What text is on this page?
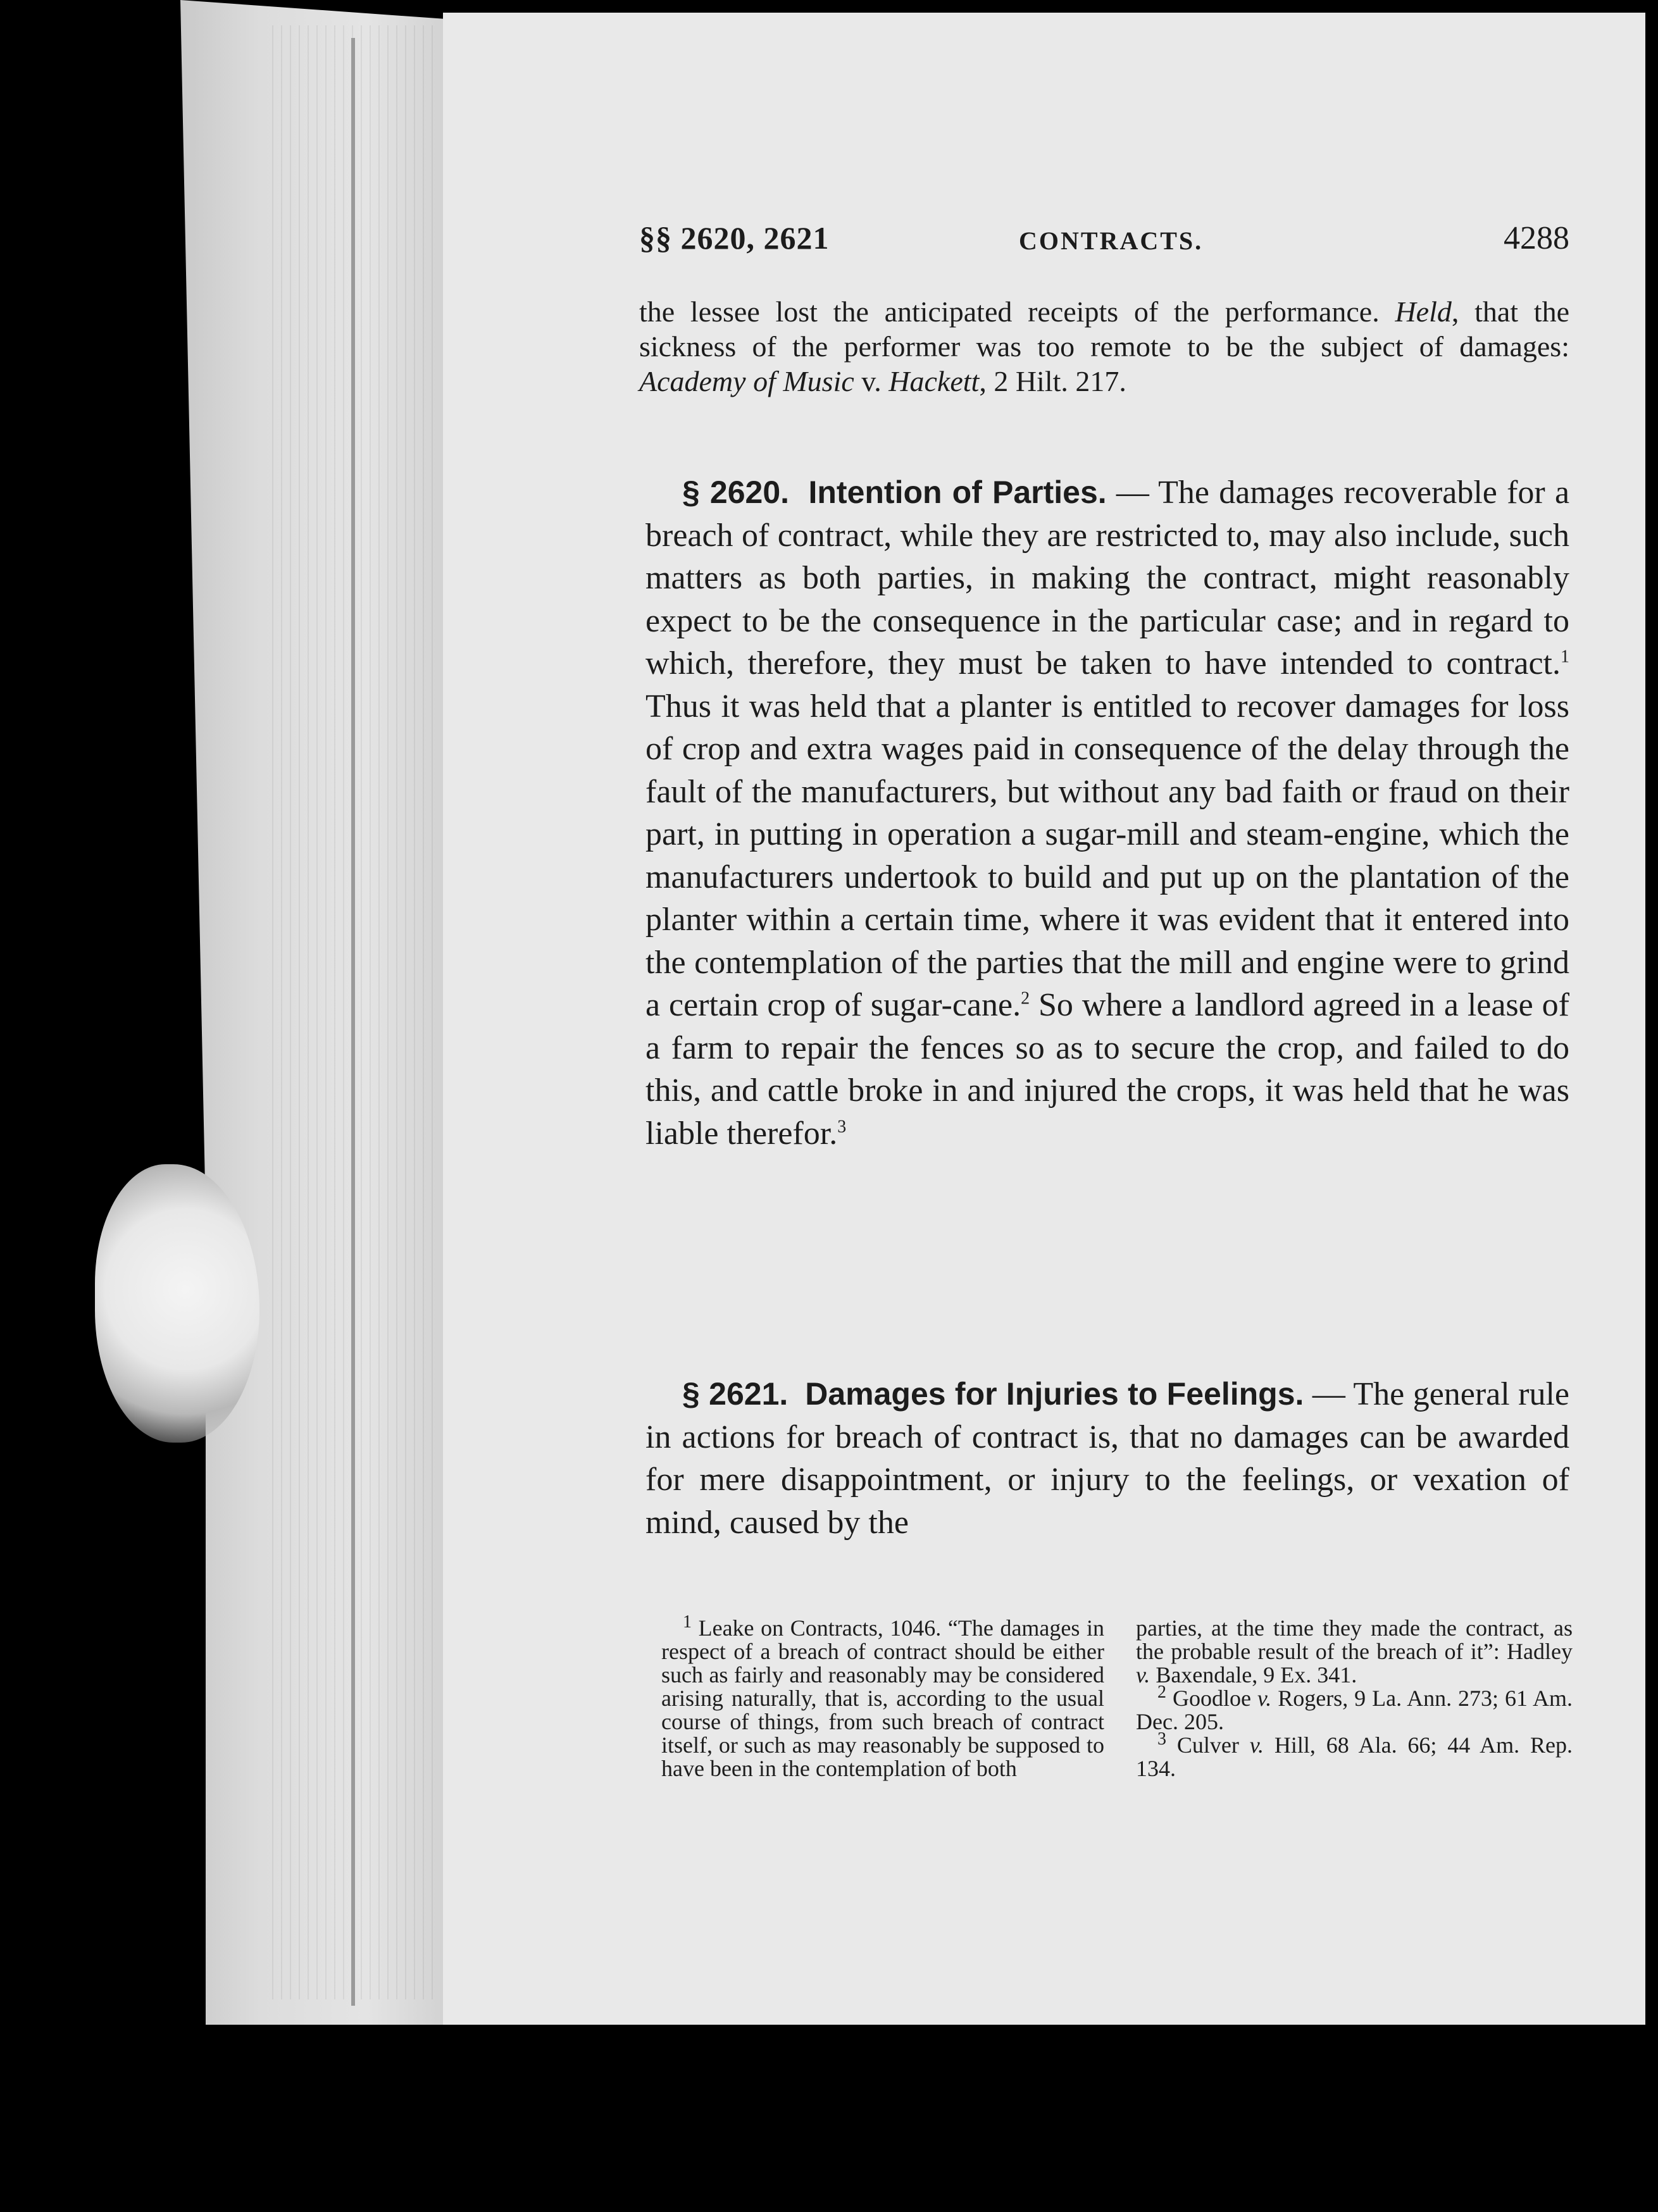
§§ 2620, 2621	CONTRACTS.	4288
the lessee lost the anticipated receipts of the performance. Held, that the sickness of the performer was too remote to be the subject of damages: Academy of Music v. Hackett, 2 Hilt. 217.
§ 2620. Intention of Parties. — The damages recoverable for a breach of contract, while they are restricted to, may also include, such matters as both parties, in making the contract, might reasonably expect to be the consequence in the particular case; and in regard to which, therefore, they must be taken to have intended to contract.$^1$ Thus it was held that a planter is entitled to recover damages for loss of crop and extra wages paid in consequence of the delay through the fault of the manufacturers, but without any bad faith or fraud on their part, in putting in operation a sugar-mill and steam-engine, which the manufacturers undertook to build and put up on the plantation of the planter within a certain time, where it was evident that it entered into the contemplation of the parties that the mill and engine were to grind a certain crop of sugar-cane.$^2$ So where a landlord agreed in a lease of a farm to repair the fences so as to secure the crop, and failed to do this, and cattle broke in and injured the crops, it was held that he was liable therefor.$^3$
§ 2621. Damages for Injuries to Feelings. — The general rule in actions for breach of contract is, that no damages can be awarded for mere disappointment, or injury to the feelings, or vexation of mind, caused by the

$^1$ Leake on Contracts, 1046. “The damages in respect of a breach of contract should be either such as fairly and reasonably may be considered arising naturally, that is, according to the usual course of things, from such breach of contract itself, or such as may reasonably be supposed to have been in the contemplation of both

parties, at the time they made the contract, as the probable result of the breach of it”: Hadley v. Baxendale, 9 Ex. 341.

$^2$ Goodloe v. Rogers, 9 La. Ann. 273; 61 Am. Dec. 205.

$^3$ Culver v. Hill, 68 Ala. 66; 44 Am. Rep. 134.
